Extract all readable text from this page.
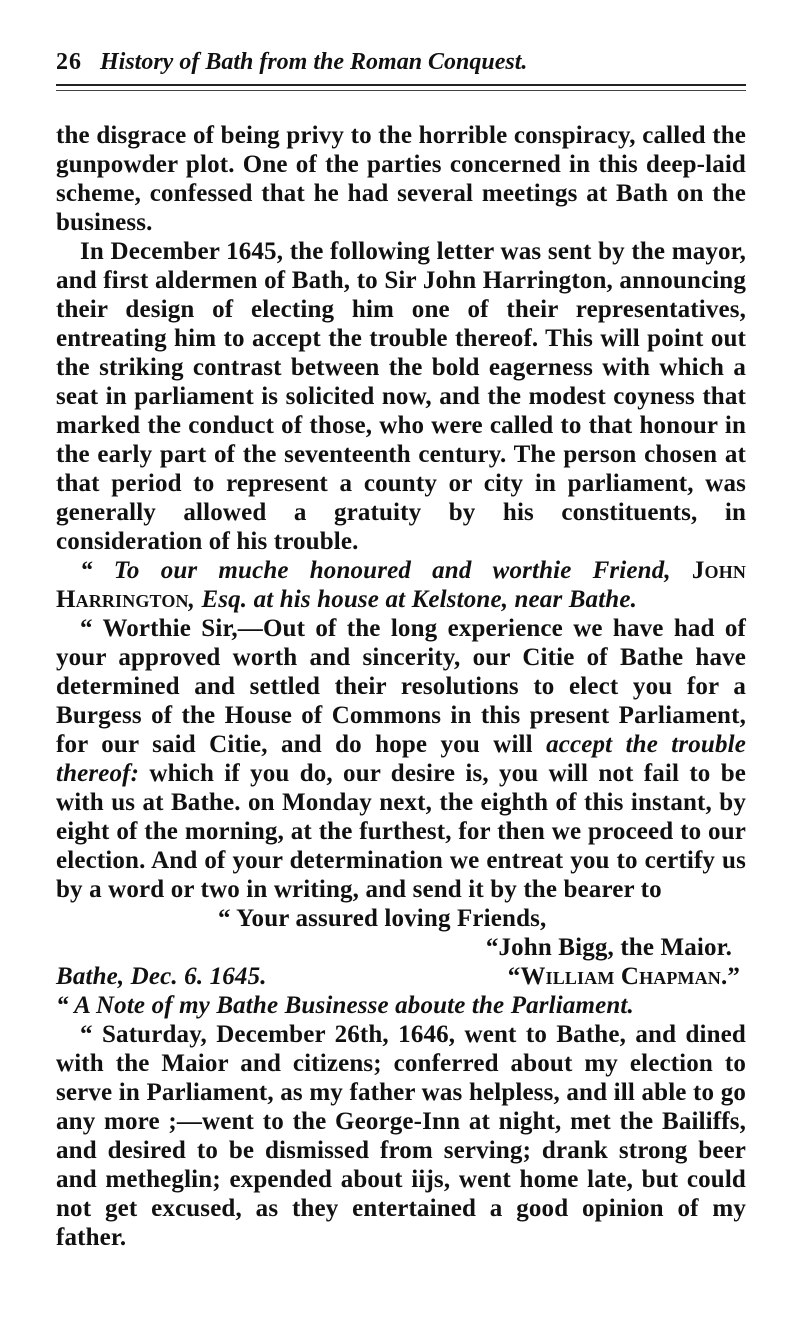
26 History of Bath from the Roman Conquest.

the disgrace of being privy to the horrible conspiracy, called the gunpowder plot. One of the parties concerned in this deep-laid scheme, confessed that he had several meetings at Bath on the business.

In December 1645, the following letter was sent by the mayor, and first aldermen of Bath, to Sir John Harrington, announcing their design of electing him one of their representatives, entreating him to accept the trouble thereof. This will point out the striking contrast between the bold eagerness with which a seat in parliament is solicited now, and the modest coyness that marked the conduct of those, who were called to that honour in the early part of the seventeenth century. The person chosen at that period to represent a county or city in parliament, was generally allowed a gratuity by his constituents, in consideration of his trouble.

“ To our muche honoured and worthie Friend, John Harrington, Esq. at his house at Kelstone, near Bathe.

“ Worthie Sir,—Out of the long experience we have had of your approved worth and sincerity, our Citie of Bathe have determined and settled their resolutions to elect you for a Burgess of the House of Commons in this present Parliament, for our said Citie, and do hope you will accept the trouble thereof: which if you do, our desire is, you will not fail to be with us at Bathe. on Monday next, the eighth of this instant, by eight of the morning, at the furthest, for then we proceed to our election. And of your determination we entreat you to certify us by a word or two in writing, and send it by the bearer to

“ Your assured loving Friends,

“John Bigg, the Maior.

Bathe, Dec. 6. 1645.	“William Chapman.”

“ A Note of my Bathe Businesse aboute the Parliament.

“ Saturday, December 26th, 1646, went to Bathe, and dined with the Maior and citizens; conferred about my election to serve in Parliament, as my father was helpless, and ill able to go any more ;—went to the George-Inn at night, met the Bailiffs, and desired to be dismissed from serving; drank strong beer and metheglin; expended about iijs, went home late, but could not get excused, as they entertained a good opinion of my father.
